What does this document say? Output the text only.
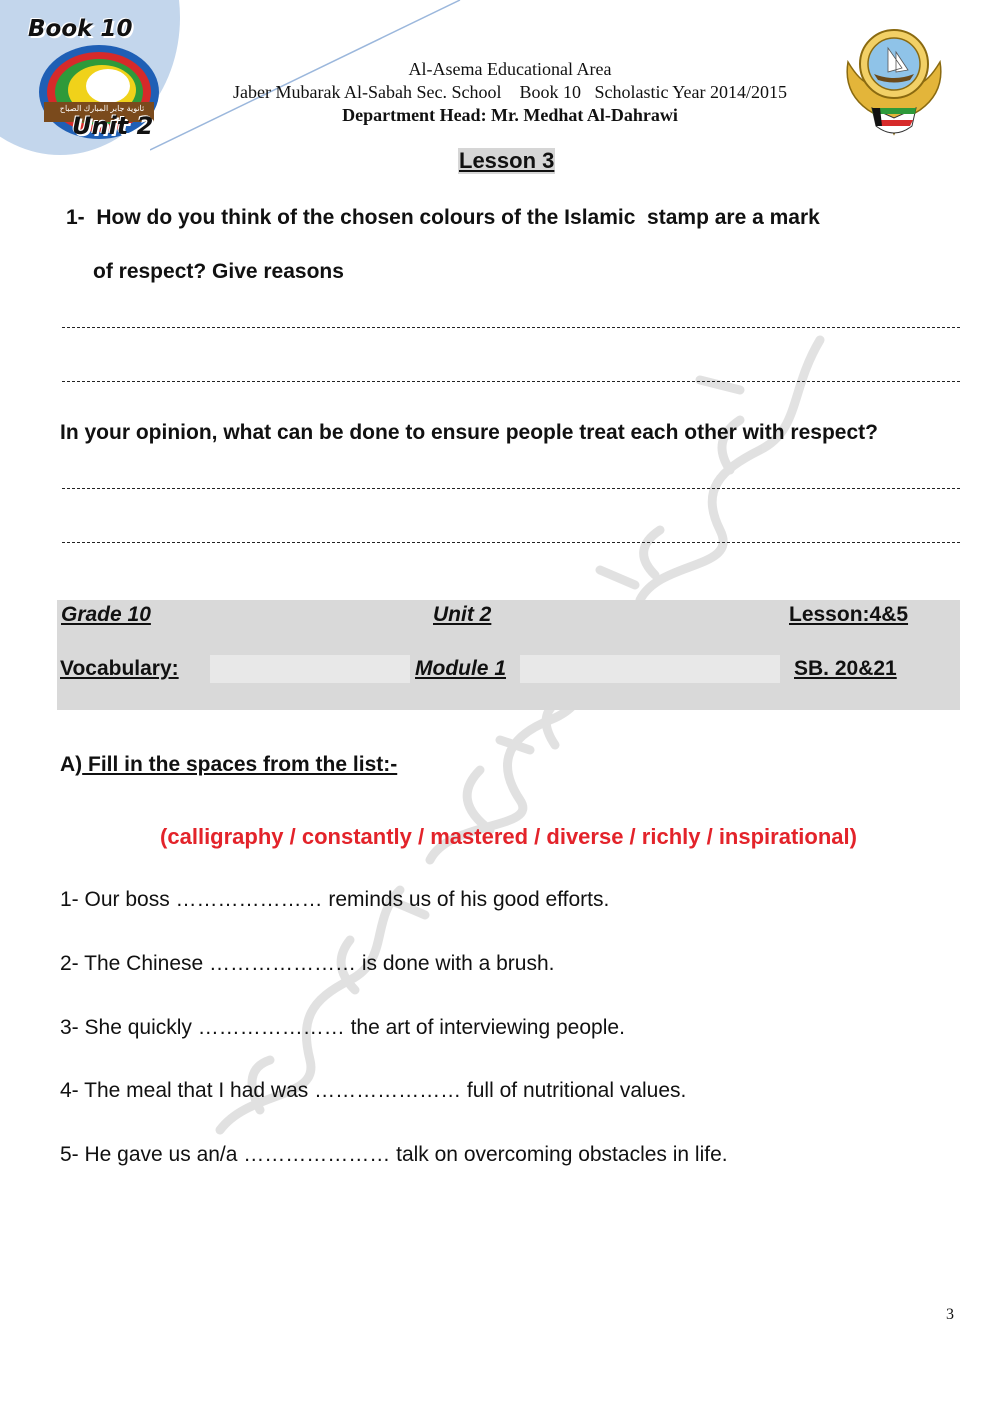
ثانوية جابر المبارك الصباح
Book 10
Unit 2
Al-Asema Educational Area
Jaber Mubarak Al-Sabah Sec. School    Book 10   Scholastic Year 2014/2015
Department Head: Mr. Medhat Al-Dahrawi
Lesson 3
1-  How do you think of the chosen colours of the Islamic  stamp are a mark
of respect? Give reasons
In your opinion, what can be done to ensure people treat each other with respect?
Grade 10	Unit 2	Lesson:4&5
Vocabulary:	Module 1	SB. 20&21
A) Fill in the spaces from the list:-
(calligraphy / constantly / mastered / diverse / richly / inspirational)
1- Our boss ………………… reminds us of his good efforts.
2- The Chinese ………………… is done with a brush.
3- She quickly ………………… the art of interviewing people.
4- The meal that I had was ………………… full of nutritional values.
5- He gave us an/a ………………… talk on overcoming obstacles in life.
3
